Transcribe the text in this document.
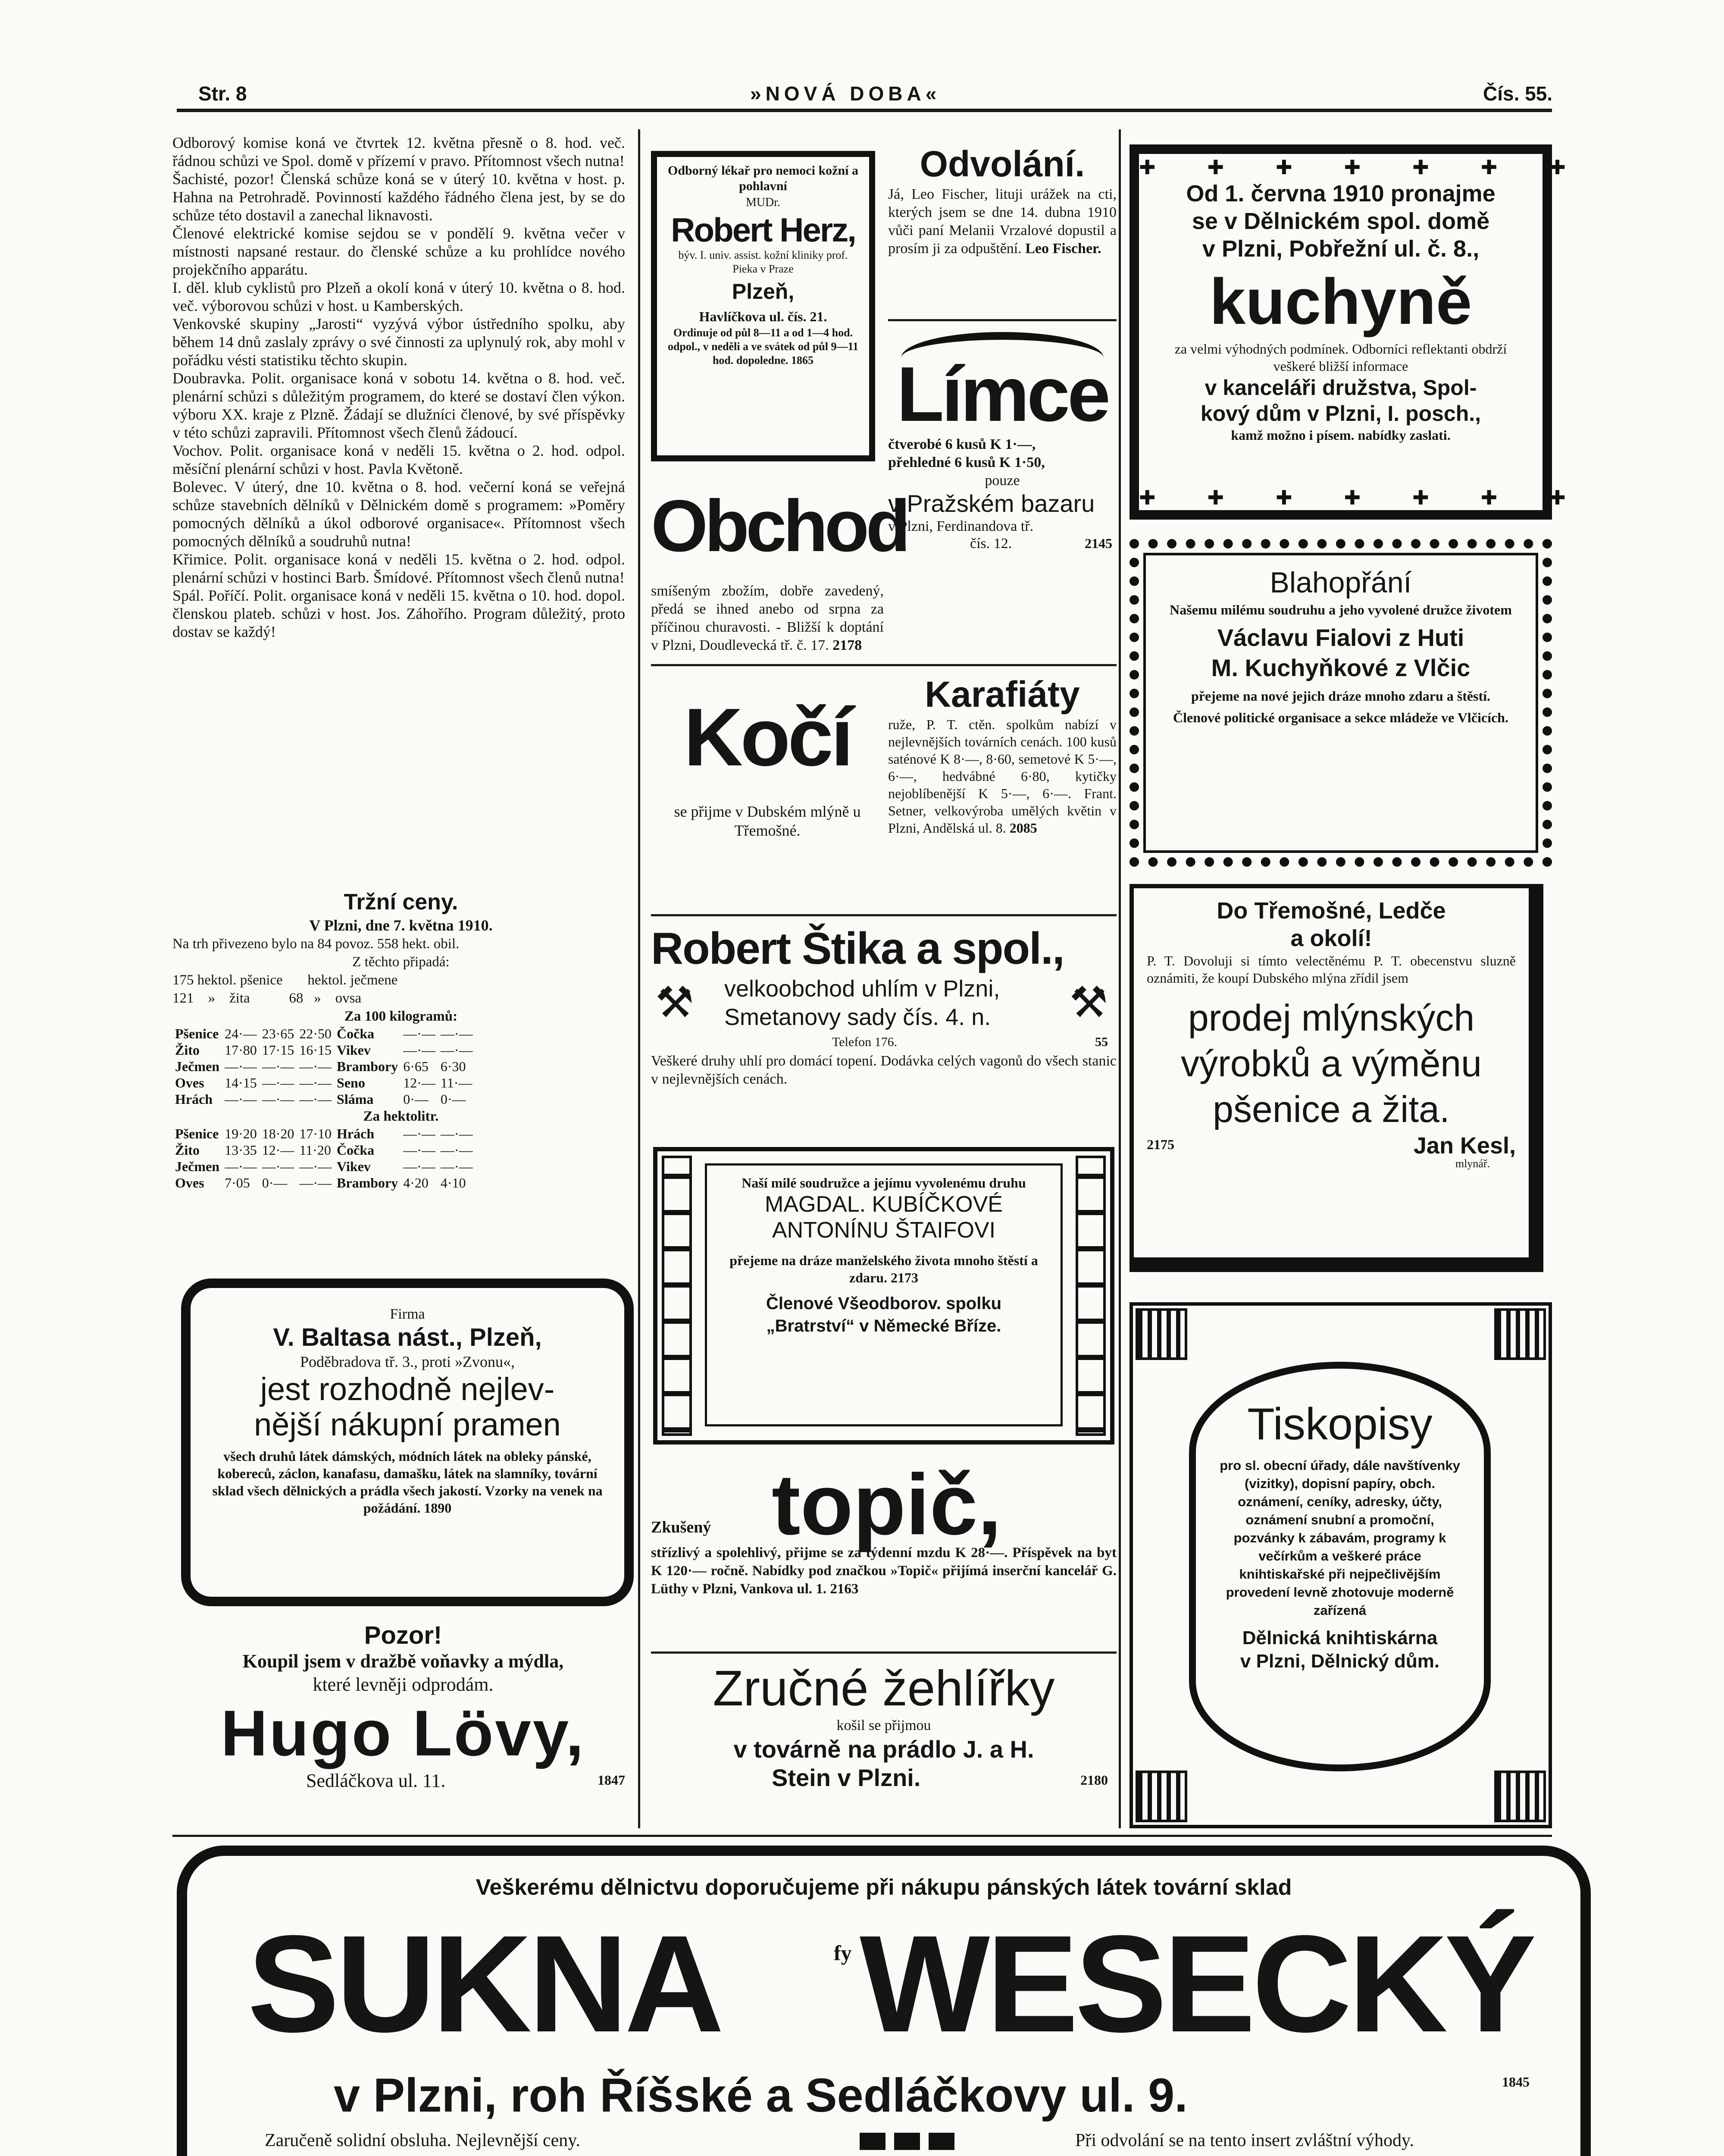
Str. 8	»NOVÁ DOBA«	Čís. 55.

Odborový komise koná ve čtvrtek 12. května přesně o 8. hod. več. řádnou schůzi ve Spol. domě v přízemí v pravo. Přítomnost všech nutna!

Šachisté, pozor! Členská schůze koná se v úterý 10. května v host. p. Hahna na Petrohradě. Povinností každého řádného člena jest, by se do schůze této dostavil a zanechal liknavosti.

Členové elektrické komise sejdou se v pondělí 9. května večer v místnosti napsané restaur. do členské schůze a ku prohlídce nového projekčního apparátu.

I. děl. klub cyklistů pro Plzeň a okolí koná v úterý 10. května o 8. hod. več. výborovou schůzi v host. u Kamberských.

Venkovské skupiny „Jarosti“ vyzývá výbor ústředního spolku, aby během 14 dnů zaslaly zprávy o své činnosti za uplynulý rok, aby mohl v pořádku vésti statistiku těchto skupin.

Doubravka. Polit. organisace koná v sobotu 14. května o 8. hod. več. plenární schůzi s důležitým programem, do které se dostaví člen výkon. výboru XX. kraje z Plzně. Žádají se dlužníci členové, by své příspěvky v této schůzi zapravili. Přítomnost všech členů žádoucí.

Vochov. Polit. organisace koná v neděli 15. května o 2. hod. odpol. měsíční plenární schůzi v host. Pavla Květoně.

Bolevec. V úterý, dne 10. května o 8. hod. večerní koná se veřejná schůze stavebních dělníků v Dělnickém domě s programem: »Poměry pomocných dělníků a úkol odborové organisace«. Přítomnost všech pomocných dělníků a soudruhů nutna!

Křimice. Polit. organisace koná v neděli 15. května o 2. hod. odpol. plenární schůzi v hostinci Barb. Šmídové. Přítomnost všech členů nutna!

Spál. Poříčí. Polit. organisace koná v neděli 15. května o 10. hod. dopol. členskou plateb. schůzi v host. Jos. Záhořího. Program důležitý, proto dostav se každý!

Tržní ceny.
V Plzni, dne 7. května 1910.
Na trh přivezeno bylo na 84 povoz. 558 hekt. obil.
Z těchto připadá:
175 hektol. pšenice       hektol. ječmene
121    »    žita           68   »    ovsa
Za 100 kilogramů:
Pšenice	24·—	23·65	22·50	Čočka	—·—	—·—
Žito	17·80	17·15	16·15	Vikev	—·—	—·—
Ječmen	—·—	—·—	—·—	Brambory	6·65	6·30
Oves	14·15	—·—	—·—	Seno	12·—	11·—
Hrách	—·—	—·—	—·—	Sláma	0·—	0·—
Za hektolitr.
Pšenice	19·20	18·20	17·10	Hrách	—·—	—·—
Žito	13·35	12·—	11·20	Čočka	—·—	—·—
Ječmen	—·—	—·—	—·—	Vikev	—·—	—·—
Oves	7·05	0·—	—·—	Brambory	4·20	4·10
Firma
V. Baltasa nást., Plzeň,
Poděbradova tř. 3., proti »Zvonu«,
jest rozhodně nejlev-
nější nákupní pramen
všech druhů látek dámských, módních látek na obleky pánské, kobereců, záclon, kanafasu, damašku, látek na slamníky, tovární sklad všech dělnických a prádla všech jakostí. Vzorky na venek na požádání. 1890
Pozor!
Koupil jsem v dražbě voňavky a mýdla,
které levněji odprodám.
Hugo Lövy,
Sedláčkova ul. 11.	1847
Odborný lékař pro nemoci kožní a pohlavní
MUDr.
Robert Herz,
býv. I. univ. assist. kožní kliniky prof. Pieka v Praze
Plzeň,
Havlíčkova ul. čís. 21.
Ordinuje od půl 8—11 a od 1—4 hod. odpol., v neděli a ve svátek od půl 9—11 hod. dopoledne. 1865
Odvolání.
Já, Leo Fischer, lituji urážek na cti, kterých jsem se dne 14. dubna 1910 vůči paní Melanii Vrzalové dopustil a prosím ji za odpuštění. Leo Fischer.
Límce
čtverobé 6 kusů K 1·—,
přehledné 6 kusů K 1·50,
pouze
v Pražském bazaru
v Plzni, Ferdinandova tř.
čís. 12.	2145
Obchod
smíšeným zbožím, dobře zavedený, předá se ihned anebo od srpna za příčinou churavosti. - Bližší k doptání v Plzni, Doudlevecká tř. č. 17. 2178
Kočí
se přijme v Dubském mlýně u Třemošné.
Karafiáty
ruže, P. T. ctěn. spolkům nabízí v nejlevnějších továrních cenách. 100 kusů saténové K 8·—, 8·60, semetové K 5·—, 6·—, hedvábné 6·80, kytičky nejoblíbenější K 5·—, 6·—. Frant. Setner, velkovýroba umělých květin v Plzni, Andělská ul. 8. 2085
Robert Štika a spol.,
⚒	⚒
velkoobchod uhlím v Plzni,
Smetanovy sady čís. 4. n.
Telefon 176.	55
Veškeré druhy uhlí pro domácí topení. Dodávka celých vagonů do všech stanic v nejlevnějších cenách.
Naší milé soudružce a jejímu vyvolenému druhu
MAGDAL. KUBÍČKOVÉ
ANTONÍNU ŠTAIFOVI
přejeme na dráze manželského života mnoho štěstí a zdaru. 2173
Členové Všeodborov. spolku
„Bratrství“ v Německé Břízе.
Zkušený topič,
střízlivý a spolehlivý, přijme se za týdenní mzdu K 28·—. Příspěvek na byt K 120·— ročně. Nabídky pod značkou »Topič« přijímá inserční kancelář G. Lüthy v Plzni, Vankova ul. 1. 2163
Zručné žehlířky
košil se přijmou
v továrně na prádlo J. a H.
Stein v Plzni.	2180
✚✚✚✚✚✚✚
Od 1. června 1910 pronajme
se v Dělnickém spol. domě
v Plzni, Pobřežní ul. č. 8.,
kuchyně
za velmi výhodných podmínek. Odborníci reflektanti obdrží veškeré bližší informace
v kanceláři družstva, Spol-
kový dům v Plzni, I. posch.,
kamž možno i písem. nabídky zaslati.
✚✚✚✚✚✚✚
Blahopřání
Našemu milému soudruhu a jeho vyvolené družce životem
Václavu Fialovi z Huti
M. Kuchyňkové z Vlčic
přejeme na nové jejich dráze mnoho zdaru a štěstí.
Členové politické organisace a sekce mládeže ve Vlčicích.
Do Třemošné, Ledče
a okolí!
P. T. Dovoluji si tímto velectěnému P. T. obecenstvu sluzně oznámiti, že koupí Dubského mlýna zřídil jsem
prodej mlýnských
výrobků a výměnu
pšenice a žita.
2175	Jan Kesl,
mlynář.
Tiskopisy
pro sl. obecní úřady, dále navštívenky (vizitky), dopisní papíry, obch. oznámení, ceníky, adresky, účty, oznámení snubní a promoční, pozvánky k zábavám, programy k večírkům a veškeré práce knihtiskařské při nejpečlivějším provedení levně zhotovuje moderně zařízená
Dělnická knihtiskárna
v Plzni, Dělnický dům.
Veškerému dělnictvu doporučujeme při nákupu pánských látek tovární sklad
SUKNA	fy WESECKÝ
v Plzni, roh Říšské a Sedláčkovy ul. 9.	1845
Zaručeně solidní obsluha. Nejlevnější ceny.	Při odvolání se na tento insert zvláštní výhody.
